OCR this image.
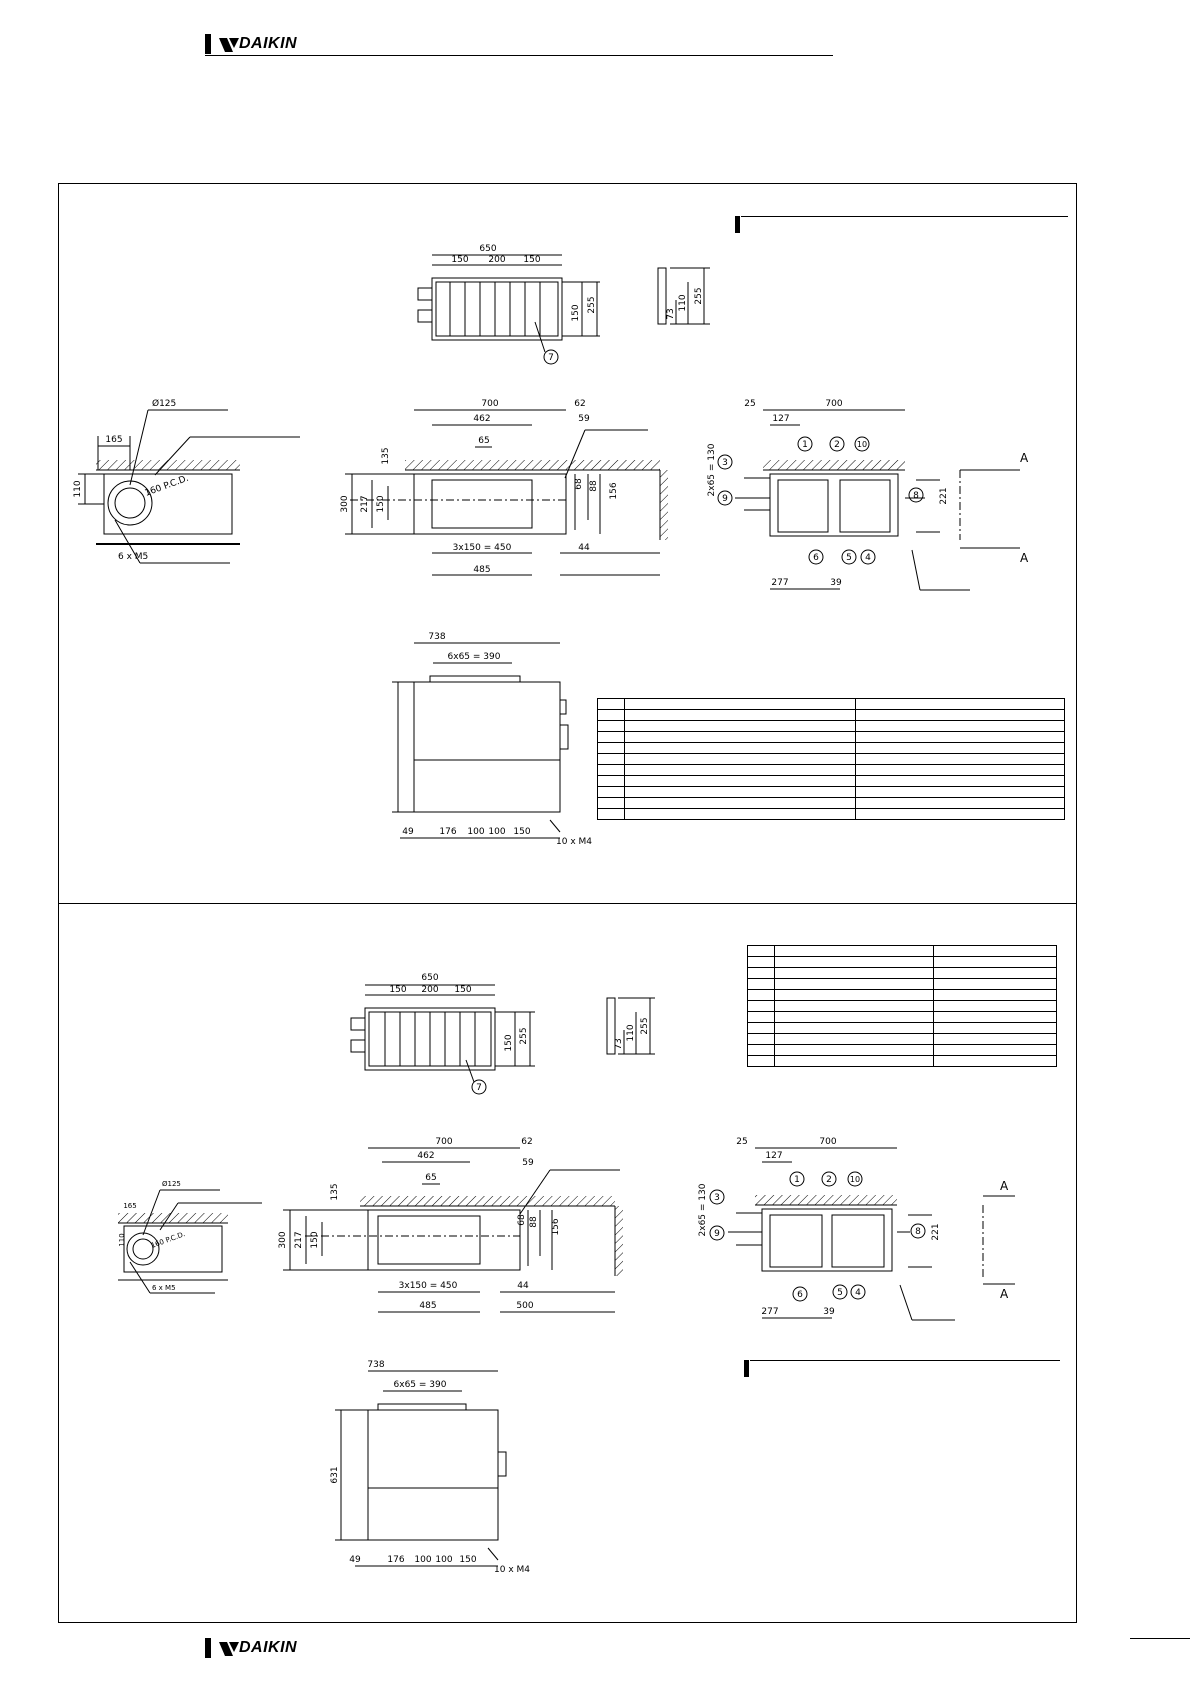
DAIKIN

650
150 200 150
150 255
73
110 255
7
Ø125
165
110	160 P.C.D.
6 x M5
700	62
462	59
65
135
300 217 150
68 88 156
3x150 = 450	44
485
25	700
127
2x65 = 130	221
277	39
A
A
1	2 10
3
9	8
6	5 4
738
6x65 = 390
49	176 100 100 150
10 x M4
650
150 200 150
150 255	73
110 255
7
Ø125
165
110	160 P.C.D.
6 x M5
700	62
462
59
65
135
300 217 150
68 88 156
3x150 = 450	44
485	500
25	700
127
2x65 = 130	221
277	39
A
A
1	2 10
3
9	8
6	5 4
738
6x65 = 390
631
49	176 100 100 150
10 x M4
DAIKIN
